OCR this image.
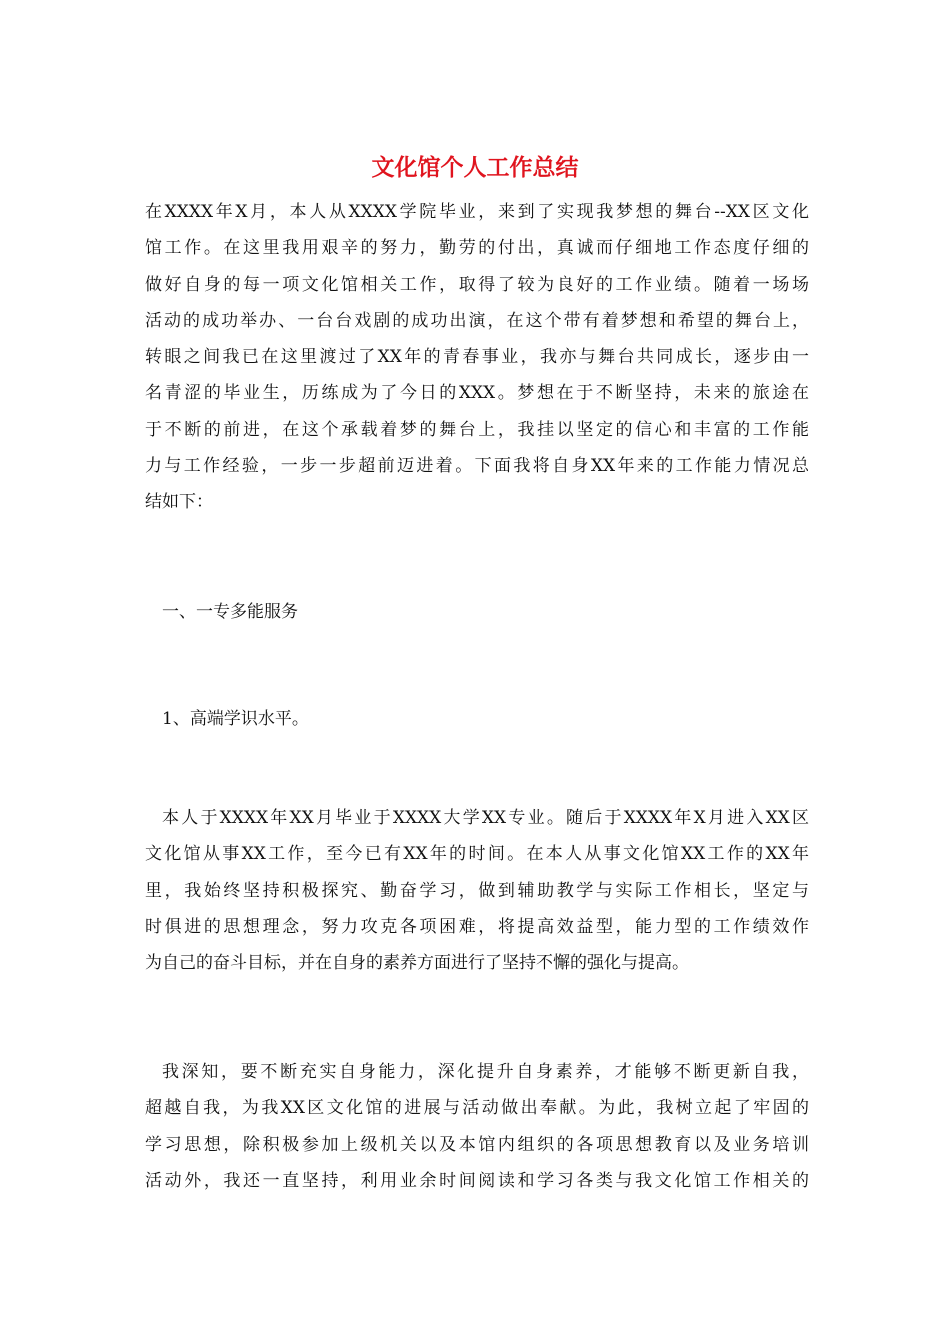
文化馆个人工作总结
在XXXX年X月，本人从XXXX学院毕业，来到了实现我梦想的舞台--XX区文化
馆工作。在这里我用艰辛的努力，勤劳的付出，真诚而仔细地工作态度仔细的
做好自身的每一项文化馆相关工作，取得了较为良好的工作业绩。随着一场场
活动的成功举办、一台台戏剧的成功出演，在这个带有着梦想和希望的舞台上，
转眼之间我已在这里渡过了XX年的青春事业，我亦与舞台共同成长，逐步由一
名青涩的毕业生，历练成为了今日的XXX。梦想在于不断坚持，未来的旅途在
于不断的前进，在这个承载着梦的舞台上，我挂以坚定的信心和丰富的工作能
力与工作经验，一步一步超前迈进着。下面我将自身XX年来的工作能力情况总
结如下：
一、一专多能服务
1、高端学识水平。
本人于XXXX年XX月毕业于XXXX大学XX专业。随后于XXXX年X月进入XX区
文化馆从事XX工作，至今已有XX年的时间。在本人从事文化馆XX工作的XX年
里，我始终坚持积极探究、勤奋学习，做到辅助教学与实际工作相长，坚定与
时俱进的思想理念，努力攻克各项困难，将提高效益型，能力型的工作绩效作
为自己的奋斗目标，并在自身的素养方面进行了坚持不懈的强化与提高。
我深知，要不断充实自身能力，深化提升自身素养，才能够不断更新自我，
超越自我，为我XX区文化馆的进展与活动做出奉献。为此，我树立起了牢固的
学习思想，除积极参加上级机关以及本馆内组织的各项思想教育以及业务培训
活动外，我还一直坚持，利用业余时间阅读和学习各类与我文化馆工作相关的
